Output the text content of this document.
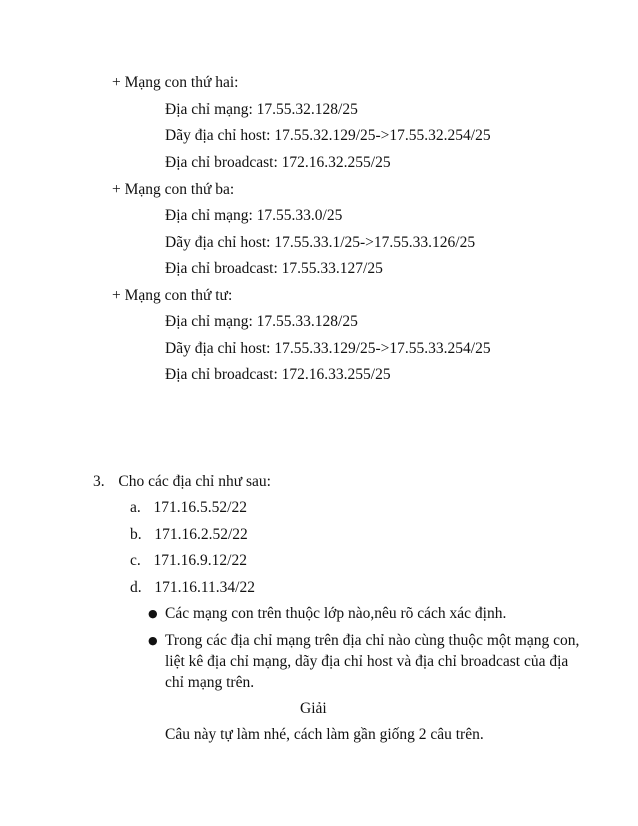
+ Mạng con thứ hai:
Địa chỉ mạng: 17.55.32.128/25
Dãy địa chỉ host: 17.55.32.129/25->17.55.32.254/25
Địa chỉ broadcast: 172.16.32.255/25
+ Mạng con thứ ba:
Địa chỉ mạng: 17.55.33.0/25
Dãy địa chỉ host: 17.55.33.1/25->17.55.33.126/25
Địa chỉ broadcast: 17.55.33.127/25
+ Mạng con thứ tư:
Địa chỉ mạng: 17.55.33.128/25
Dãy địa chỉ host: 17.55.33.129/25->17.55.33.254/25
Địa chỉ broadcast: 172.16.33.255/25
3. Cho các địa chỉ như sau:
a. 171.16.5.52/22
b. 171.16.2.52/22
c. 171.16.9.12/22
d. 171.16.11.34/22
● Các mạng con trên thuộc lớp nào,nêu rõ cách xác định.
● Trong các địa chỉ mạng trên địa chỉ nào cùng thuộc một mạng con,
liệt kê địa chỉ mạng, dãy địa chỉ host và địa chỉ broadcast của địa
chỉ mạng trên.
Giải
Câu này tự làm nhé, cách làm gần giống 2 câu trên.
